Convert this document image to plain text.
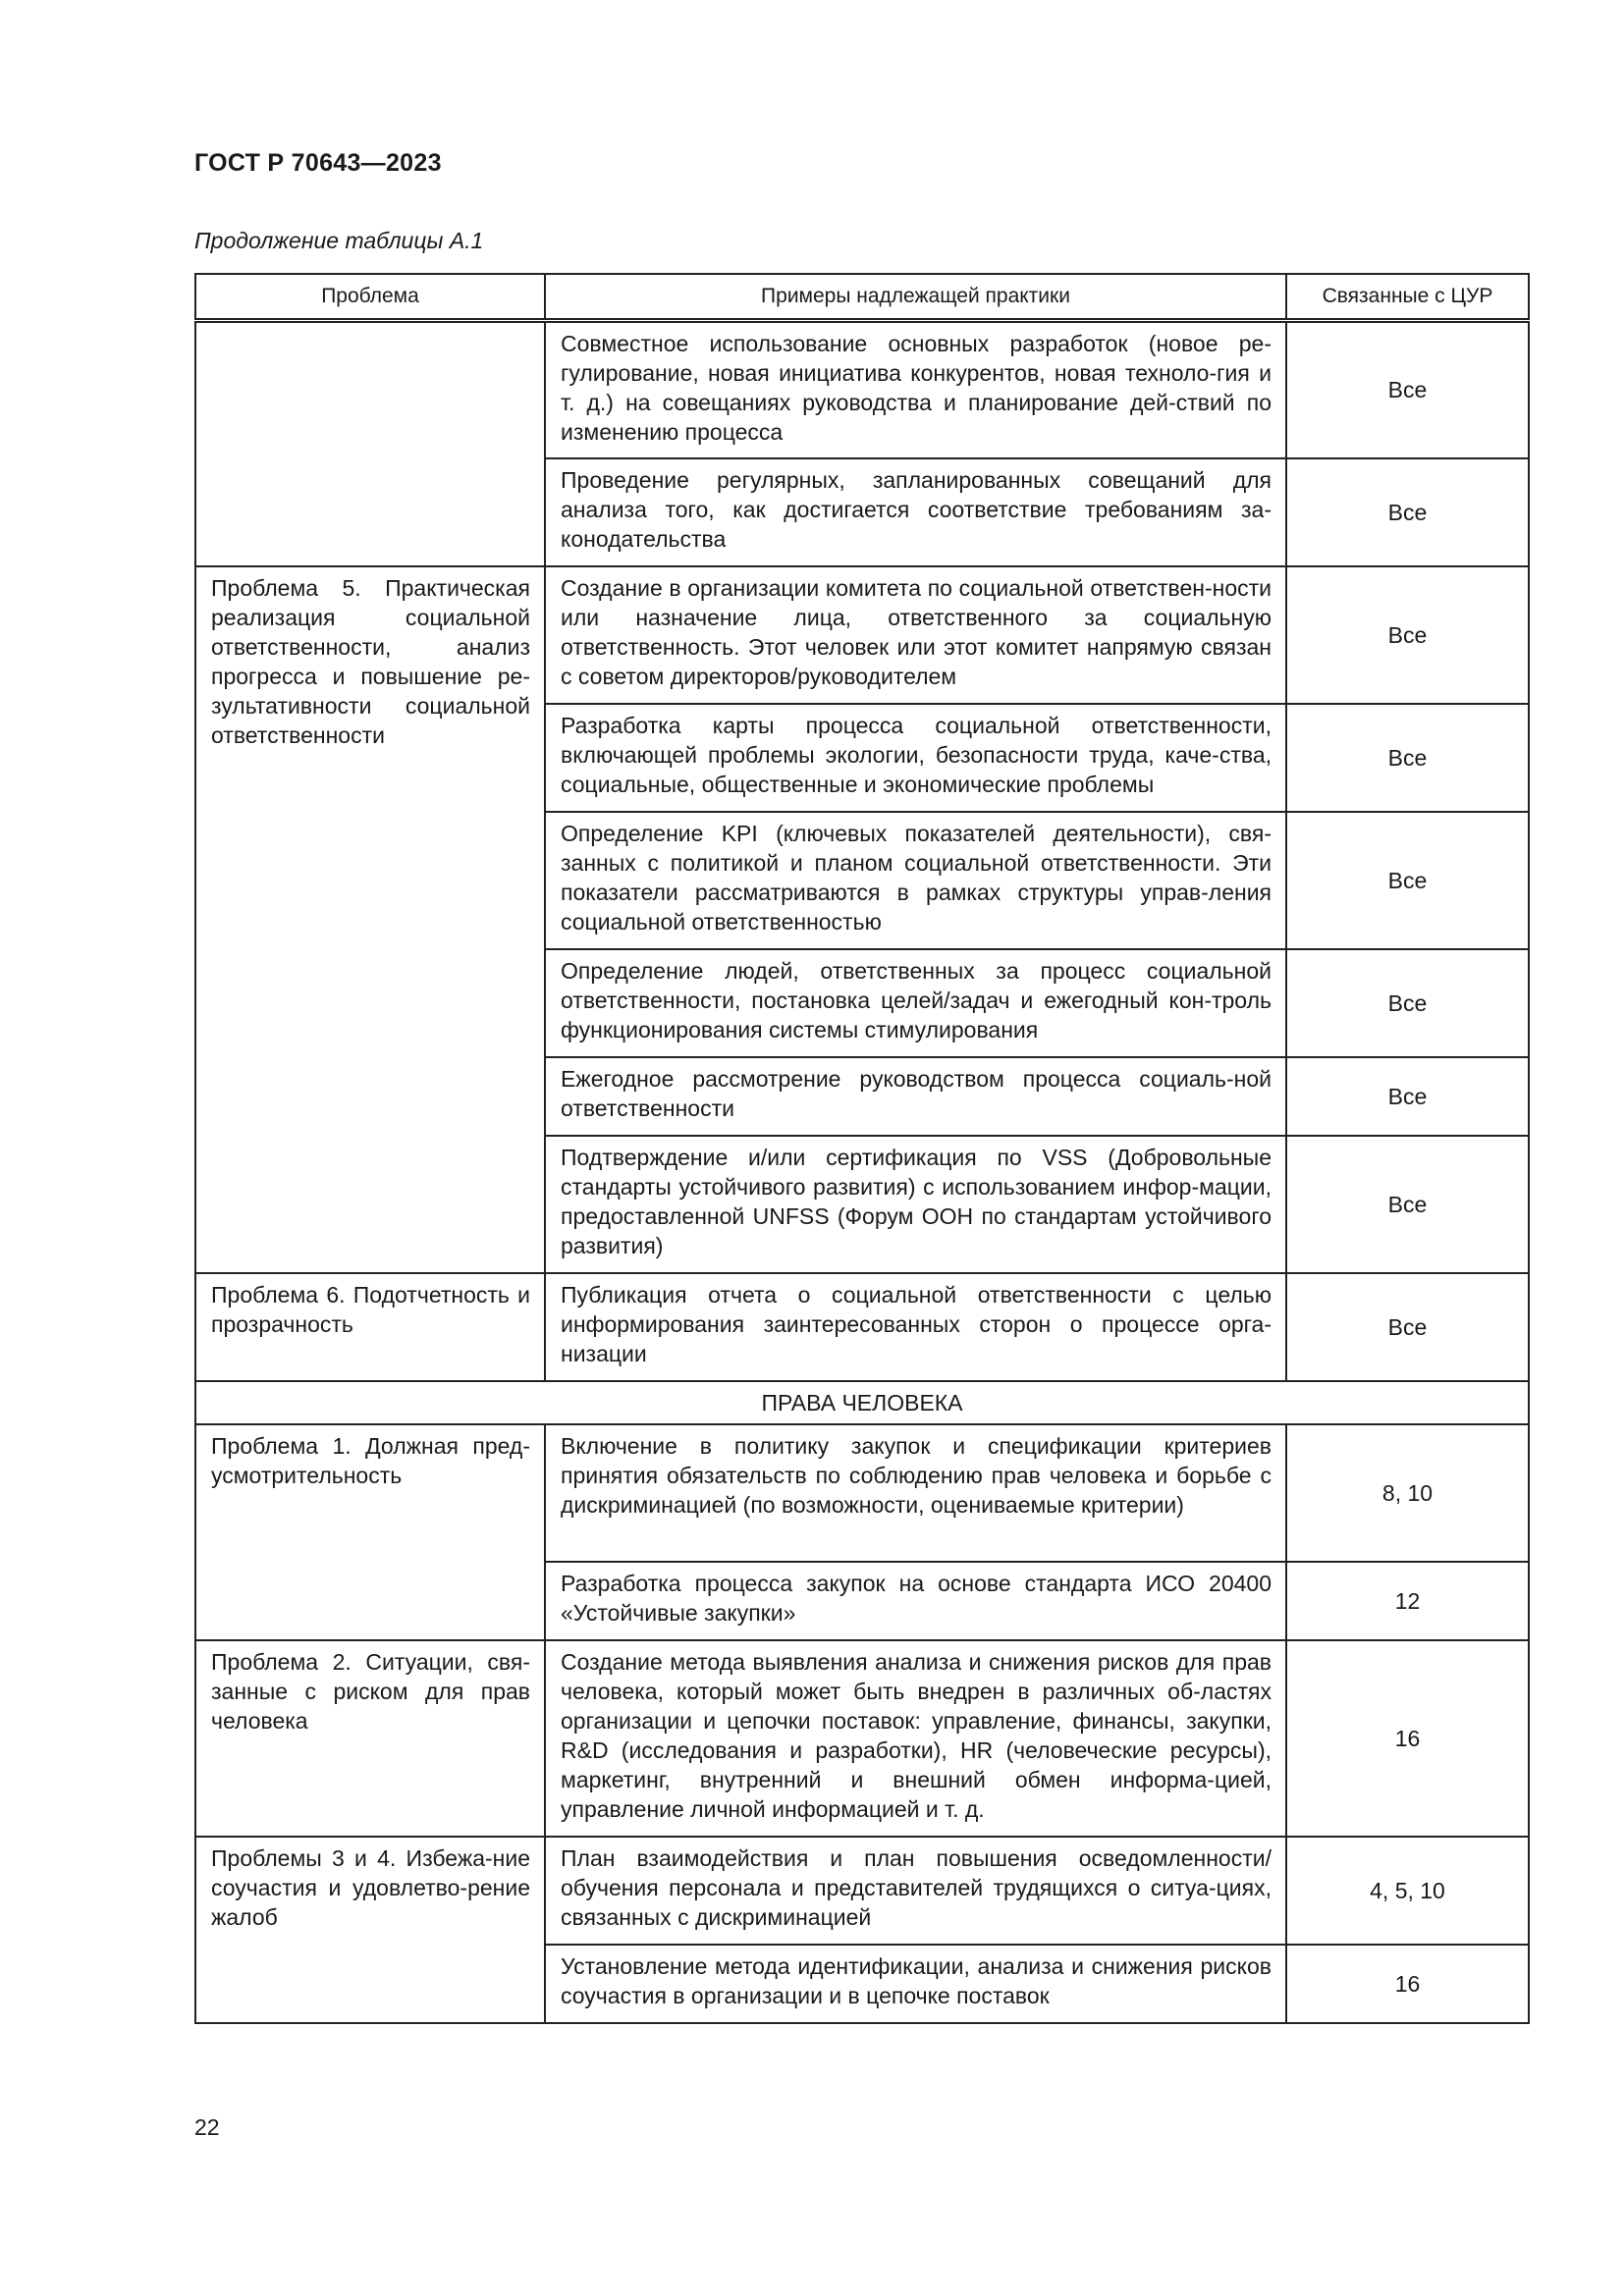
ГОСТ Р 70643—2023
Продолжение таблицы А.1
Проблема	Примеры надлежащей практики	Связанные с ЦУР
	Совместное использование основных разработок (новое ре-гулирование, новая инициатива конкурентов, новая техноло-гия и т. д.) на совещаниях руководства и планирование дей-ствий по изменению процесса	Все
	Проведение регулярных, запланированных совещаний для анализа того, как достигается соответствие требованиям за-конодательства	Все
Проблема 5. Практическая реализация социальной ответственности, анализ прогресса и повышение ре-зультативности социальной ответственности	Создание в организации комитета по социальной ответствен-ности или назначение лица, ответственного за социальную ответственность. Этот человек или этот комитет напрямую связан с советом директоров/руководителем	Все
	Разработка карты процесса социальной ответственности, включающей проблемы экологии, безопасности труда, каче-ства, социальные, общественные и экономические проблемы	Все
	Определение KPI (ключевых показателей деятельности), свя-занных с политикой и планом социальной ответственности. Эти показатели рассматриваются в рамках структуры управ-ления социальной ответственностью	Все
	Определение людей, ответственных за процесс социальной ответственности, постановка целей/задач и ежегодный кон-троль функционирования системы стимулирования	Все
	Ежегодное рассмотрение руководством процесса социаль-ной ответственности	Все
	Подтверждение и/или сертификация по VSS (Добровольные стандарты устойчивого развития) с использованием инфор-мации, предоставленной UNFSS (Форум ООН по стандартам устойчивого развития)	Все
Проблема 6. Подотчетность и прозрачность	Публикация отчета о социальной ответственности с целью информирования заинтересованных сторон о процессе орга-низации	Все
ПРАВА ЧЕЛОВЕКА		
Проблема 1. Должная пред-усмотрительность	Включение в политику закупок и спецификации критериев принятия обязательств по соблюдению прав человека и борьбе с дискриминацией (по возможности, оцениваемые критерии)	8, 10
	Разработка процесса закупок на основе стандарта ИСО 20400 «Устойчивые закупки»	12
Проблема 2. Ситуации, свя-занные с риском для прав человека	Создание метода выявления анализа и снижения рисков для прав человека, который может быть внедрен в различных об-ластях организации и цепочки поставок: управление, финансы, закупки, R&D (исследования и разработки), HR (человеческие ресурсы), маркетинг, внутренний и внешний обмен информа-цией, управление личной информацией и т. д.	16
Проблемы 3 и 4. Избежа-ние соучастия и удовлетво-рение жалоб	План взаимодействия и план повышения осведомленности/ обучения персонала и представителей трудящихся о ситуа-циях, связанных с дискриминацией	4, 5, 10
	Установление метода идентификации, анализа и снижения рисков соучастия в организации и в цепочке поставок	16
22
